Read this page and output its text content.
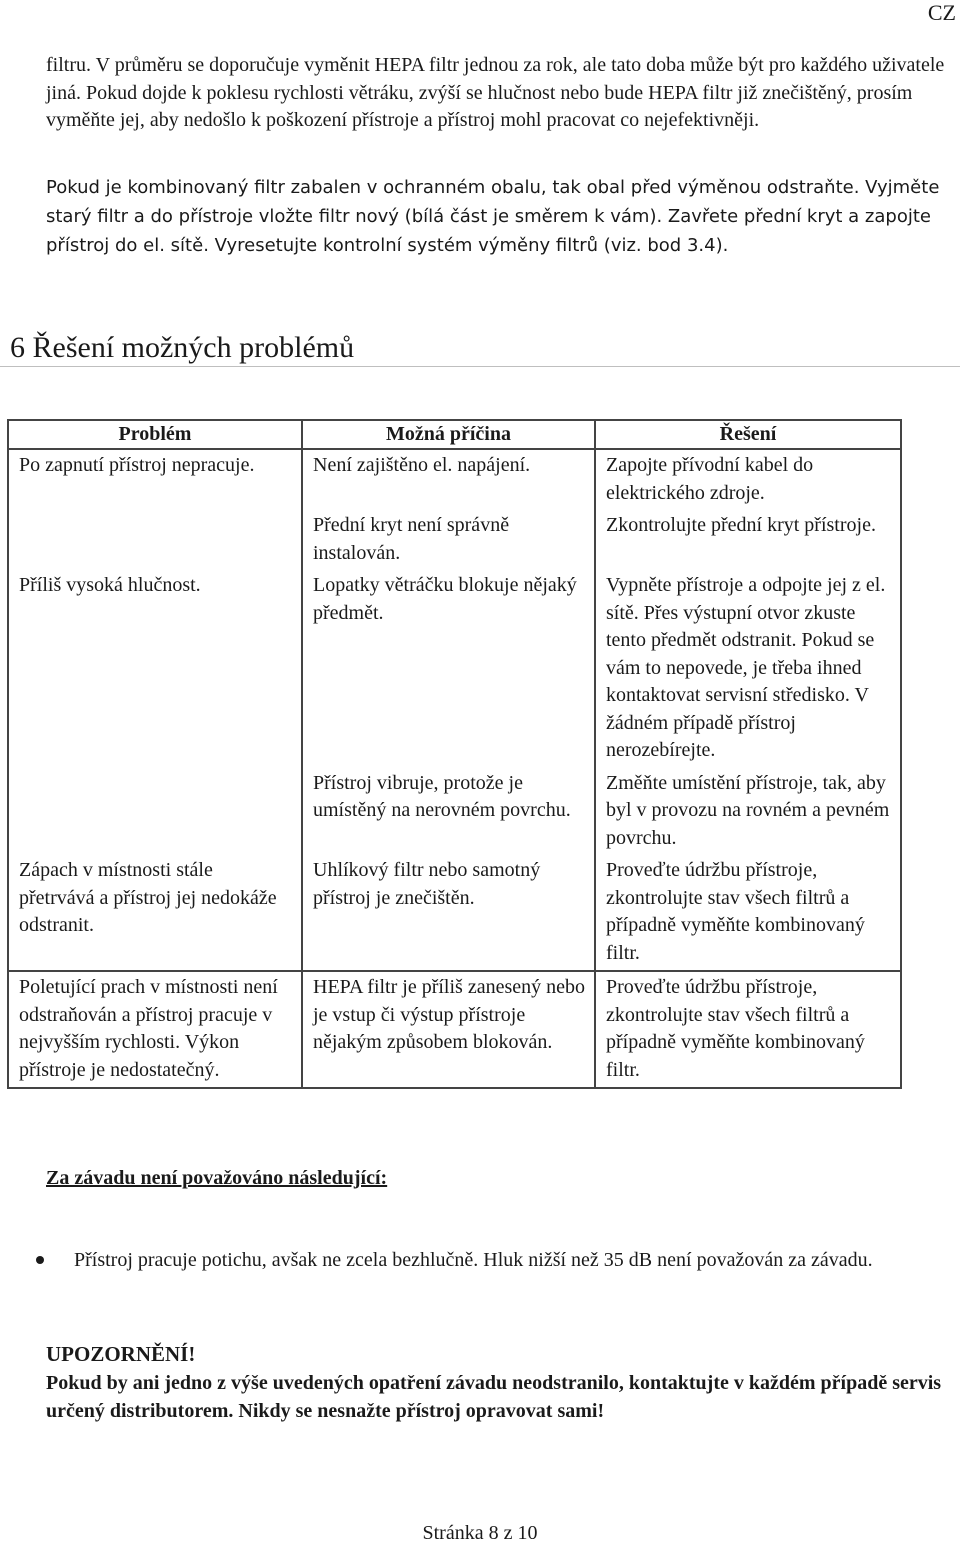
CZ

filtru. V průměru se doporučuje vyměnit HEPA filtr jednou za rok, ale tato doba může být pro každého uživatele jiná. Pokud dojde k poklesu rychlosti větráku, zvýší se hlučnost nebo bude HEPA filtr již znečištěný, prosím vyměňte jej, aby nedošlo k poškození přístroje a přístroj mohl pracovat co nejefektivněji.

Pokud je kombinovaný filtr zabalen v ochranném obalu, tak obal před výměnou odstraňte. Vyjměte starý filtr a do přístroje vložte filtr nový (bílá část je směrem k vám). Zavřete přední kryt a zapojte přístroj do el. sítě. Vyresetujte kontrolní systém výměny filtrů (viz. bod 3.4).

6 Řešení možných problémů
Problém	Možná příčina	Řešení
Po zapnutí přístroj nepracuje.	Není zajištěno el. napájení.	Zapojte přívodní kabel do elektrického zdroje.
	Přední kryt není správně instalován.	Zkontrolujte přední kryt přístroje.
Příliš vysoká hlučnost.	Lopatky větráčku blokuje nějaký předmět.	Vypněte přístroje a odpojte jej z el. sítě. Přes výstupní otvor zkuste tento předmět odstranit. Pokud se vám to nepovede, je třeba ihned kontaktovat servisní středisko. V žádném případě přístroj nerozebírejte.
	Přístroj vibruje, protože je umístěný na nerovném povrchu.	Změňte umístění přístroje, tak, aby byl v provozu na rovném a pevném povrchu.
Zápach v místnosti stále přetrvává a přístroj jej nedokáže odstranit.	Uhlíkový filtr nebo samotný přístroj je znečištěn.	Proveďte údržbu přístroje, zkontrolujte stav všech filtrů a případně vyměňte kombinovaný filtr.
Poletující prach v místnosti není odstraňován a přístroj pracuje v nejvyšším rychlosti. Výkon přístroje je nedostatečný.	HEPA filtr je příliš zanesený nebo je vstup či výstup přístroje nějakým způsobem blokován.	Proveďte údržbu přístroje, zkontrolujte stav všech filtrů a případně vyměňte kombinovaný filtr.

Za závadu není považováno následující:

Přístroj pracuje potichu, avšak ne zcela bezhlučně. Hluk nižší než 35 dB není považován za závadu.

UPOZORNĚNÍ!

Pokud by ani jedno z výše uvedených opatření závadu neodstranilo, kontaktujte v každém případě servis určený distributorem. Nikdy se nesnažte přístroj opravovat sami!

Stránka 8 z 10
